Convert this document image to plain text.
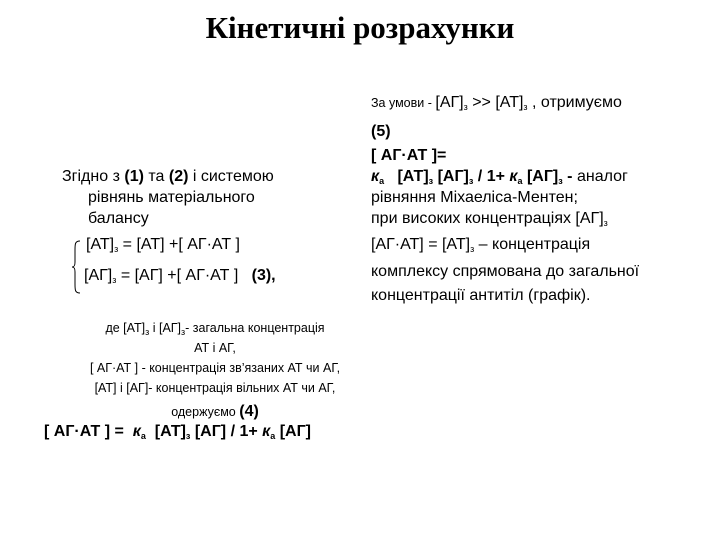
Кінетичні розрахунки
Згідно з (1) та (2) і системою
рівнянь матеріального
балансу
$[АТ]_з = [АТ]$ +[ АГ·АТ ]
$[АГ]_з = [АГ]$ +[ АГ·АТ ] (3),
де $[АТ]_з$ і $[АГ]_з-$ загальна концентрація
АТ і АГ,
[ АГ·АТ ] - концентрація зв’язаних АТ чи АГ,
[АТ] і [АГ]- концентрація вільних АТ чи АГ,
одержуємо (4)
[ АГ·АТ ] =  $к_а$ $[АТ]_з$ $[АГ] / 1+ к_а$ [АГ]
За умови - $[АГ]_з >> [АТ]_з$ , отримуємо
(5)
[ АГ·АТ ]=
$к_а$ $[АТ]_з$ $[АГ]_з / 1+ к_а$ $[АГ]_з$ - аналог
рівняння Міхаеліса-Ментен;
при високих концентраціях $[АГ]_з$
$[АГ\cdot АТ] = [АТ]_з$ – концентрація
комплексу спрямована до загальної
концентрації антитіл (графік).
